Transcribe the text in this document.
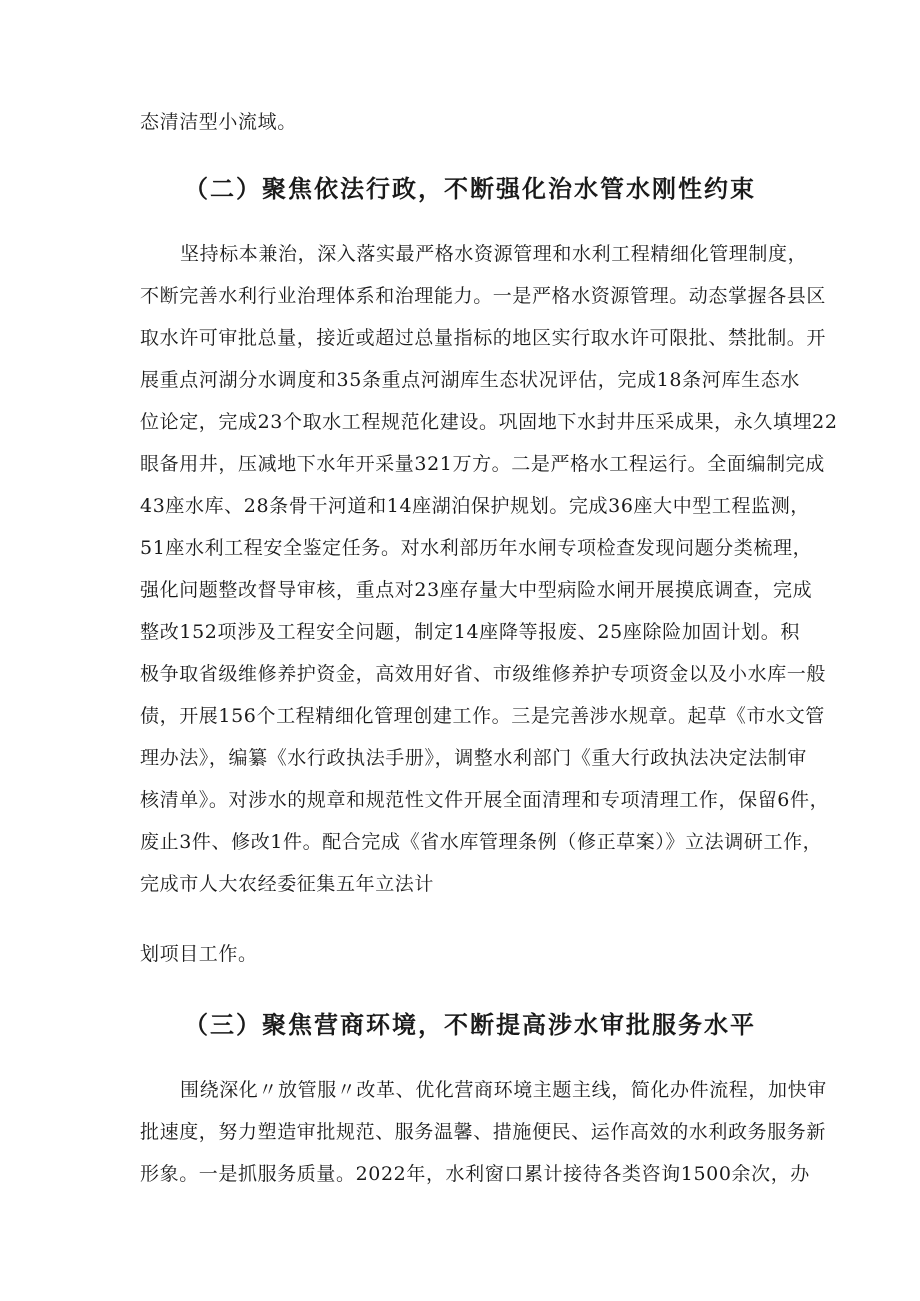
态清洁型小流域。
（二）聚焦依法行政，不断强化治水管水刚性约束
坚持标本兼治，深入落实最严格水资源管理和水利工程精细化管理制度，
不断完善水利行业治理体系和治理能力。一是严格水资源管理。动态掌握各县区
取水许可审批总量，接近或超过总量指标的地区实行取水许可限批、禁批制。开
展重点河湖分水调度和35条重点河湖库生态状况评估，完成18条河库生态水
位论定，完成23个取水工程规范化建设。巩固地下水封井压采成果，永久填埋22
眼备用井，压减地下水年开采量321万方。二是严格水工程运行。全面编制完成
43座水库、28条骨干河道和14座湖泊保护规划。完成36座大中型工程监测，
51座水利工程安全鉴定任务。对水利部历年水闸专项检查发现问题分类梳理，
强化问题整改督导审核，重点对23座存量大中型病险水闸开展摸底调查，完成
整改152项涉及工程安全问题，制定14座降等报废、25座除险加固计划。积
极争取省级维修养护资金，高效用好省、市级维修养护专项资金以及小水库一般
债，开展156个工程精细化管理创建工作。三是完善涉水规章。起草《市水文管
理办法》，编纂《水行政执法手册》，调整水利部门《重大行政执法决定法制审
核清单》。对涉水的规章和规范性文件开展全面清理和专项清理工作，保留6件，
废止3件、修改1件。配合完成《省水库管理条例（修正草案）》立法调研工作，
完成市人大农经委征集五年立法计
划项目工作。
（三）聚焦营商环境，不断提高涉水审批服务水平
围绕深化〃放管服〃改革、优化营商环境主题主线，简化办件流程，加快审
批速度，努力塑造审批规范、服务温馨、措施便民、运作高效的水利政务服务新
形象。一是抓服务质量。2022年，水利窗口累计接待各类咨询1500余次，办
